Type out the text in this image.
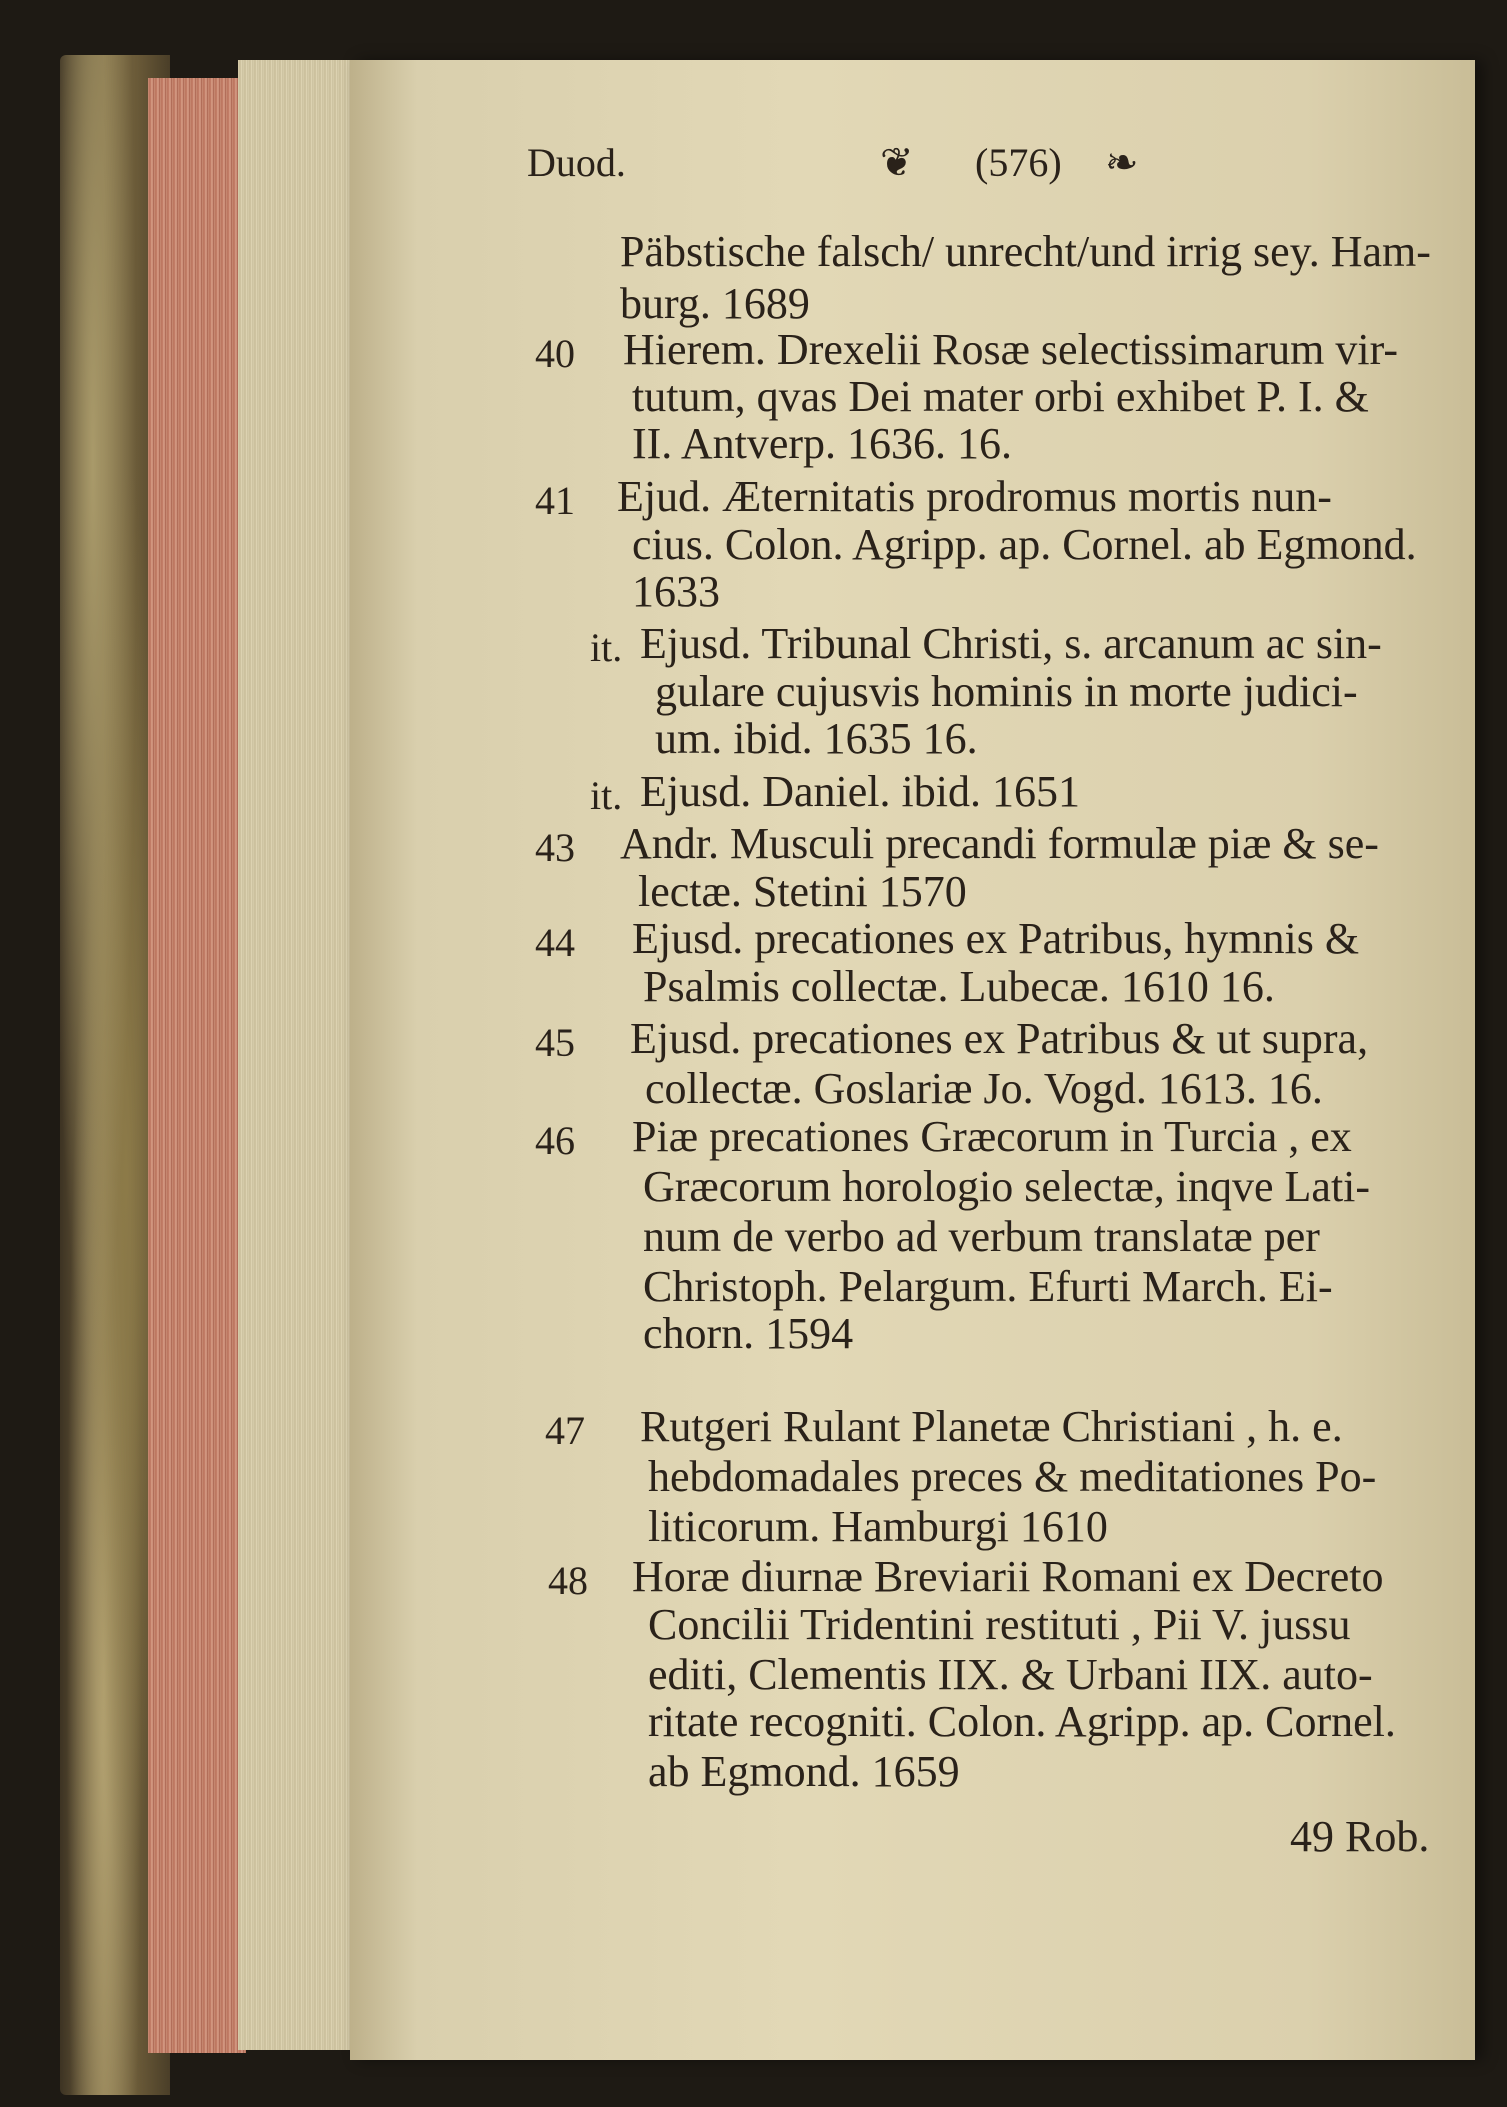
Duod.	❦ (576) ❧
Päbstische falsch/ unrecht/und irrig sey. Ham-
burg. 1689
40 Hierem. Drexelii Rosæ selectissimarum vir-
tutum, qvas Dei mater orbi exhibet P. I. &
II. Antverp. 1636. 16.
41 Ejud. Æternitatis prodromus mortis nun-
cius. Colon. Agripp. ap. Cornel. ab Egmond.
1633
it. Ejusd. Tribunal Christi, s. arcanum ac sin-
gulare cujusvis hominis in morte judici-
um. ibid. 1635 16.
it. Ejusd. Daniel. ibid. 1651
43 Andr. Musculi precandi formulæ piæ & se-
lectæ. Stetini 1570
44 Ejusd. precationes ex Patribus, hymnis &
Psalmis collectæ. Lubecæ. 1610 16.
45 Ejusd. precationes ex Patribus & ut supra,
collectæ. Goslariæ Jo. Vogd. 1613. 16.
46 Piæ precationes Græcorum in Turcia , ex
Græcorum horologio selectæ, inqve Lati-
num de verbo ad verbum translatæ per
Christoph. Pelargum. Efurti March. Ei-
chorn. 1594
47 Rutgeri Rulant Planetæ Christiani , h. e.
hebdomadales preces & meditationes Po-
liticorum. Hamburgi 1610
48 Horæ diurnæ Breviarii Romani ex Decreto
Concilii Tridentini restituti , Pii V. jussu
editi, Clementis IIX. & Urbani IIX. auto-
ritate recogniti. Colon. Agripp. ap. Cornel.
ab Egmond. 1659
49 Rob.
